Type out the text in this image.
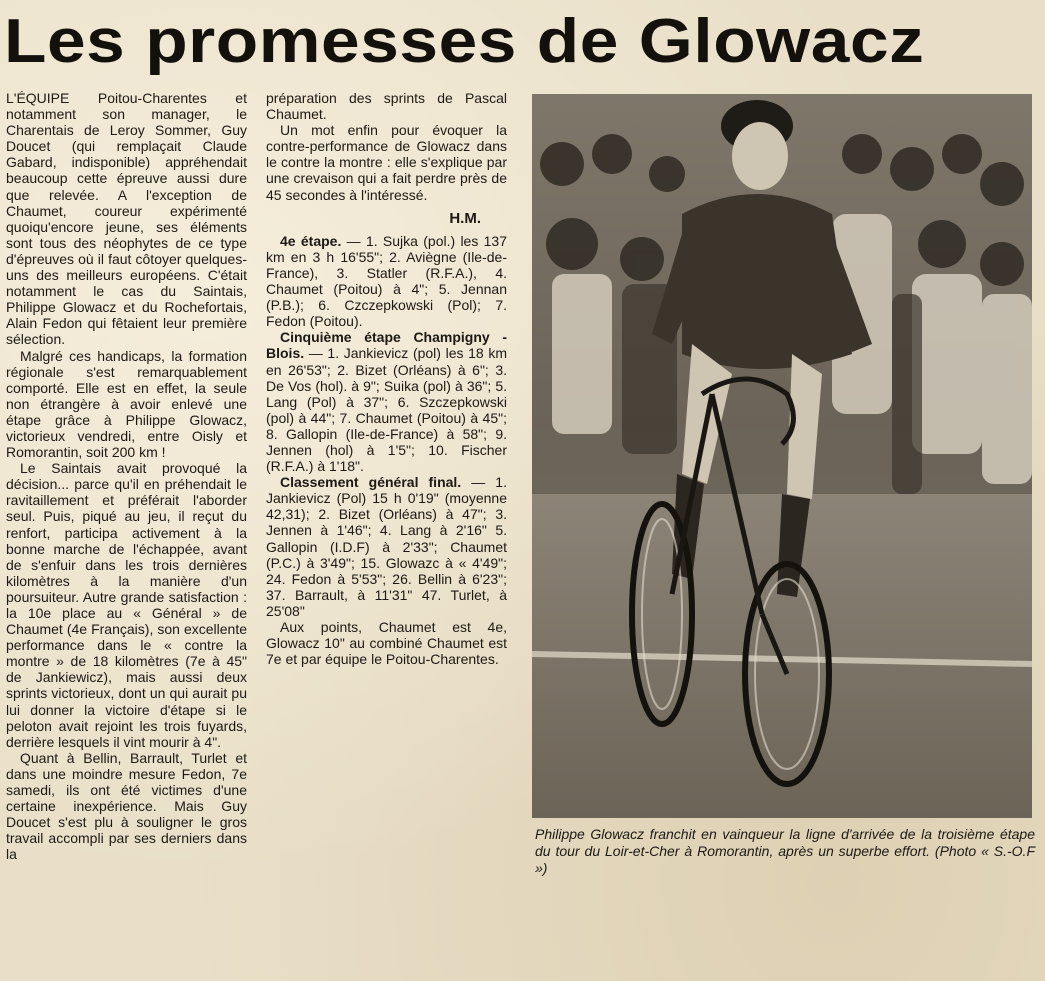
Les promesses de Glowacz

L'ÉQUIPE Poitou-Charentes et notamment son manager, le Charentais de Leroy Sommer, Guy Doucet (qui remplaçait Claude Gabard, indisponible) appréhendait beaucoup cette épreuve aussi dure que relevée. A l'exception de Chaumet, coureur expérimenté quoiqu'encore jeune, ses éléments sont tous des néophytes de ce type d'épreuves où il faut côtoyer quelques-uns des meilleurs européens. C'était notamment le cas du Saintais, Philippe Glowacz et du Rochefortais, Alain Fedon qui fêtaient leur première sélection.

Malgré ces handicaps, la formation régionale s'est remarquablement comporté. Elle est en effet, la seule non étrangère à avoir enlevé une étape grâce à Philippe Glowacz, victorieux vendredi, entre Oisly et Romorantin, soit 200 km !

Le Saintais avait provoqué la décision... parce qu'il en préhendait le ravitaillement et préférait l'aborder seul. Puis, piqué au jeu, il reçut du renfort, participa activement à la bonne marche de l'échappée, avant de s'enfuir dans les trois dernières kilomètres à la manière d'un poursuiteur. Autre grande satisfaction : la 10e place au « Général » de Chaumet (4e Français), son excellente performance dans le « contre la montre » de 18 kilomètres (7e à 45" de Jankiewicz), mais aussi deux sprints victorieux, dont un qui aurait pu lui donner la victoire d'étape si le peloton avait rejoint les trois fuyards, derrière lesquels il vint mourir à 4".

Quant à Bellin, Barrault, Turlet et dans une moindre mesure Fedon, 7e samedi, ils ont été victimes d'une certaine inexpérience. Mais Guy Doucet s'est plu à souligner le gros travail accompli par ses derniers dans la

préparation des sprints de Pascal Chaumet.

Un mot enfin pour évoquer la contre-performance de Glowacz dans le contre la montre : elle s'explique par une crevaison qui a fait perdre près de 45 secondes à l'intéressé.

H.M.

4e étape. — 1. Sujka (pol.) les 137 km en 3 h 16'55"; 2. Aviègne (Ile-de-France), 3. Statler (R.F.A.), 4. Chaumet (Poitou) à 4"; 5. Jennan (P.B.); 6. Czczepkowski (Pol); 7. Fedon (Poitou).

Cinquième étape Champigny - Blois. — 1. Jankievicz (pol) les 18 km en 26'53"; 2. Bizet (Orléans) à 6"; 3. De Vos (hol). à 9"; Suika (pol) à 36"; 5. Lang (Pol) à 37"; 6. Szczepkowski (pol) à 44"; 7. Chaumet (Poitou) à 45"; 8. Gallopin (Ile-de-France) à 58"; 9. Jennen (hol) à 1'5"; 10. Fischer (R.F.A.) à 1'18".

Classement général final. — 1. Jankievicz (Pol) 15 h 0'19" (moyenne 42,31); 2. Bizet (Orléans) à 47"; 3. Jennen à 1'46"; 4. Lang à 2'16" 5. Gallopin (I.D.F) à 2'33"; Chaumet (P.C.) à 3'49"; 15. Glowazc à « 4'49"; 24. Fedon à 5'53"; 26. Bellin à 6'23"; 37. Barrault, à 11'31" 47. Turlet, à 25'08"

Aux points, Chaumet est 4e, Glowacz 10" au combiné Chaumet est 7e et par équipe le Poitou-Charentes.

Philippe Glowacz franchit en vainqueur la ligne d'arrivée de la troisième étape du tour du Loir-et-Cher à Romorantin, après un superbe effort. (Photo « S.-O.F »)
